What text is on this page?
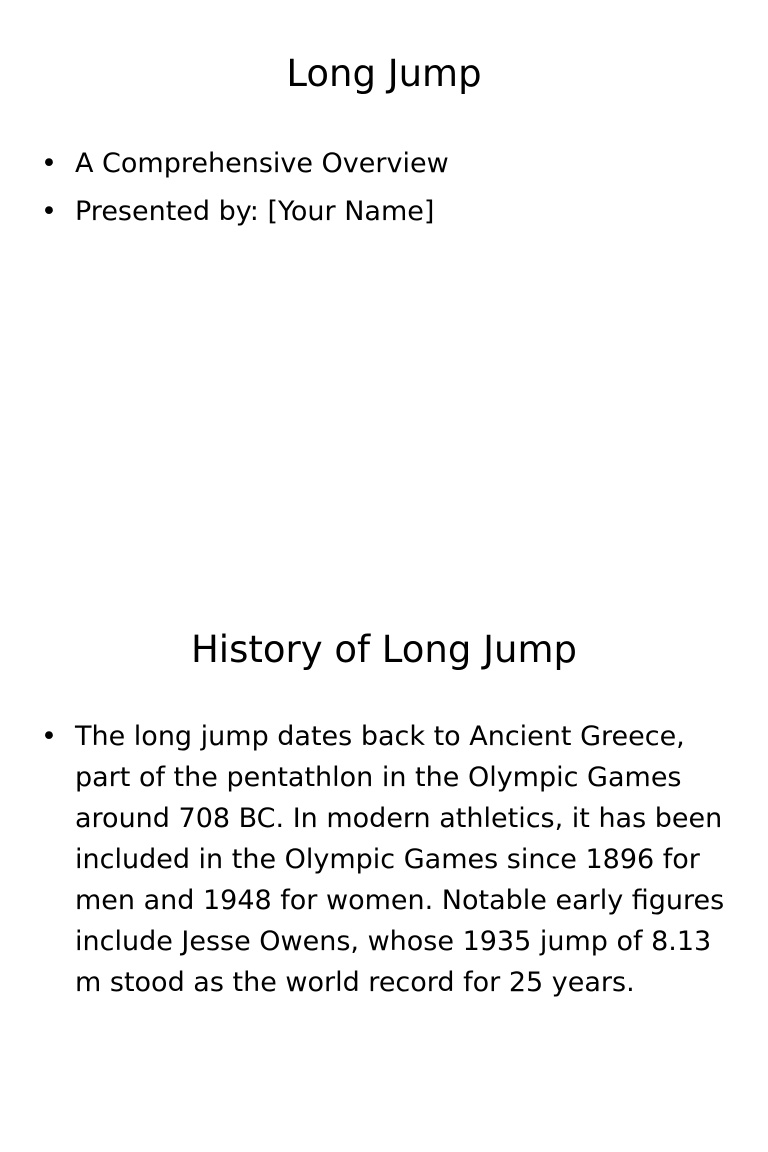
Long Jump
• A Comprehensive Overview
• Presented by: [Your Name]
History of Long Jump
• The long jump dates back to Ancient Greece, part of the pentathlon in the Olympic Games around 708 BC. In modern athletics, it has been included in the Olympic Games since 1896 for men and 1948 for women. Notable early figures include Jesse Owens, whose 1935 jump of 8.13 m stood as the world record for 25 years.
